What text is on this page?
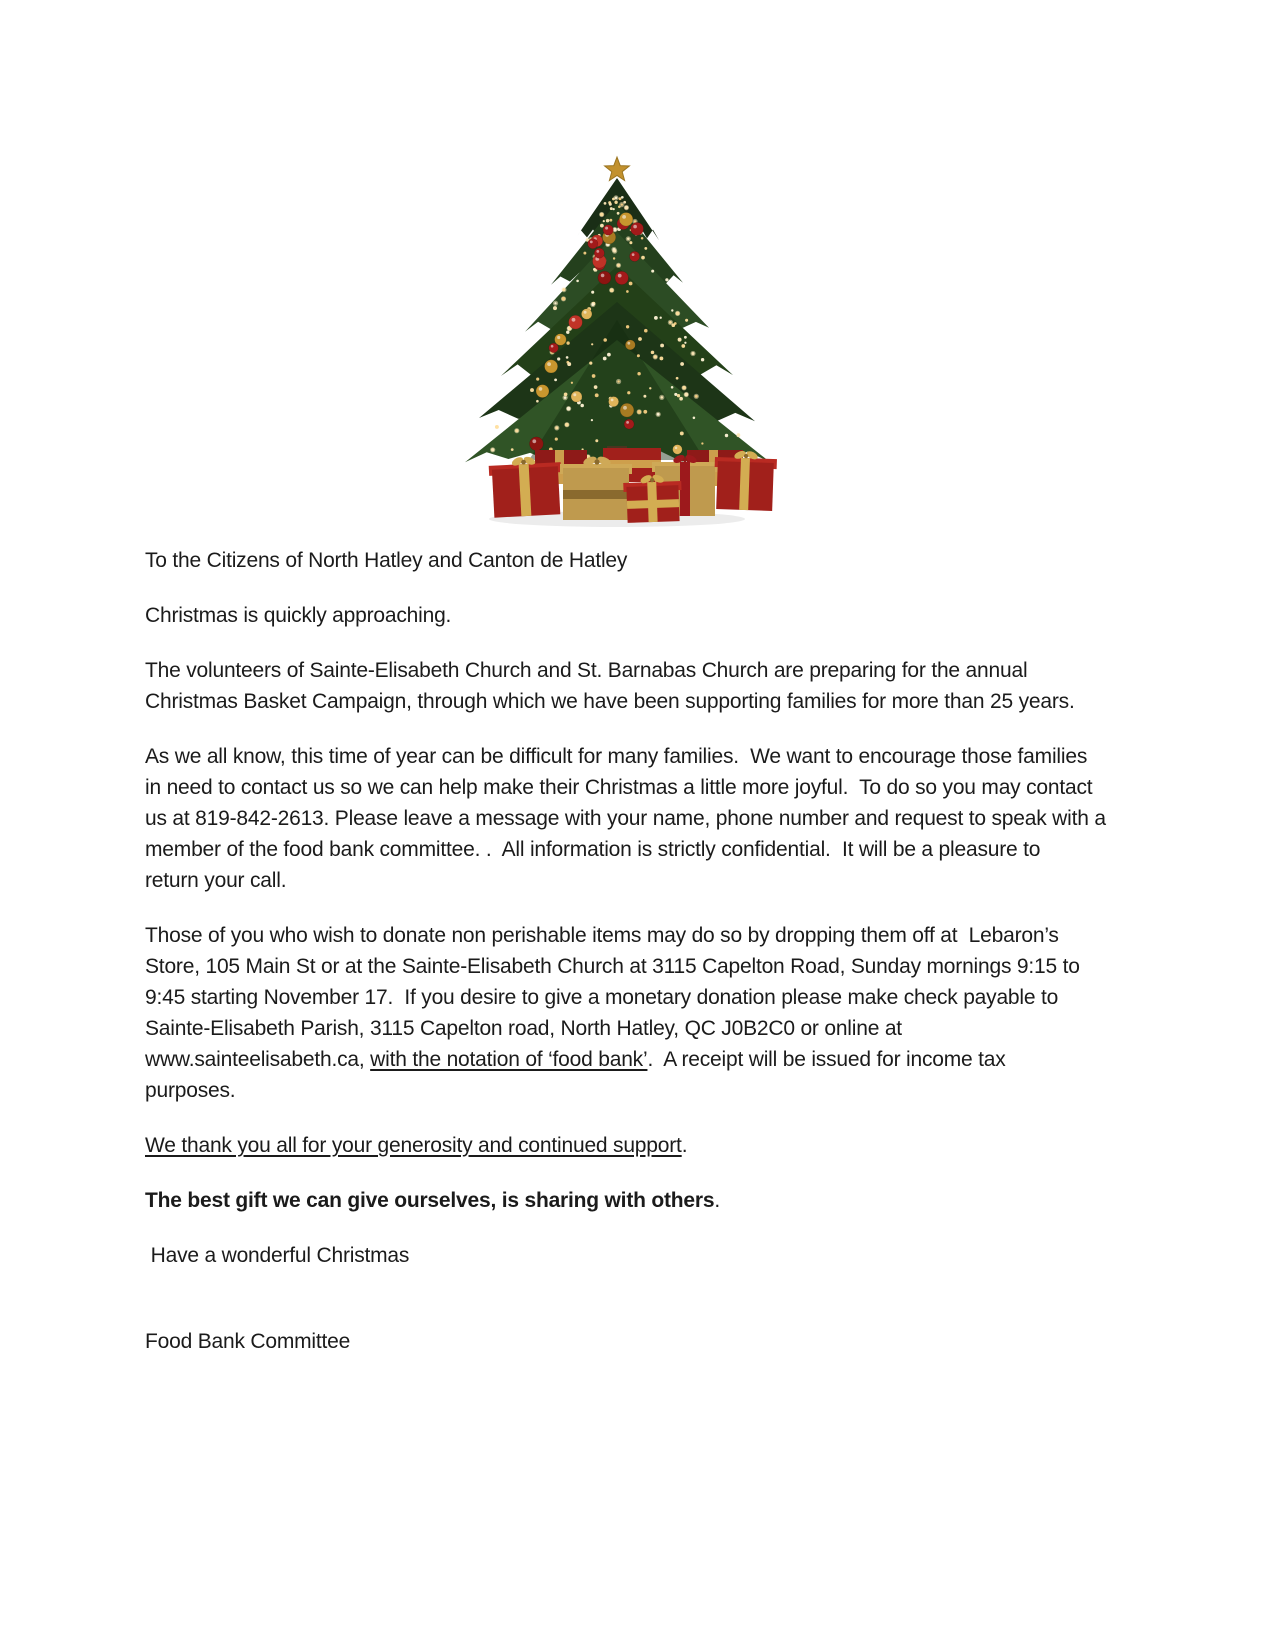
To the Citizens of North Hatley and Canton de Hatley

Christmas is quickly approaching.

The volunteers of Sainte-Elisabeth Church and St. Barnabas Church are preparing for the annual
Christmas Basket Campaign, through which we have been supporting families for more than 25 years.

As we all know, this time of year can be difficult for many families.  We want to encourage those families
in need to contact us so we can help make their Christmas a little more joyful.  To do so you may contact
us at 819-842-2613. Please leave a message with your name, phone number and request to speak with a
member of the food bank committee. .  All information is strictly confidential.  It will be a pleasure to
return your call.

Those of you who wish to donate non perishable items may do so by dropping them off at  Lebaron’s
Store, 105 Main St or at the Sainte-Elisabeth Church at 3115 Capelton Road, Sunday mornings 9:15 to
9:45 starting November 17.  If you desire to give a monetary donation please make check payable to
Sainte-Elisabeth Parish, 3115 Capelton road, North Hatley, QC J0B2C0 or online at
www.sainteelisabeth.ca, with the notation of ‘food bank’.  A receipt will be issued for income tax
purposes.

We thank you all for your generosity and continued support.

The best gift we can give ourselves, is sharing with others.

Have a wonderful Christmas

Food Bank Committee
